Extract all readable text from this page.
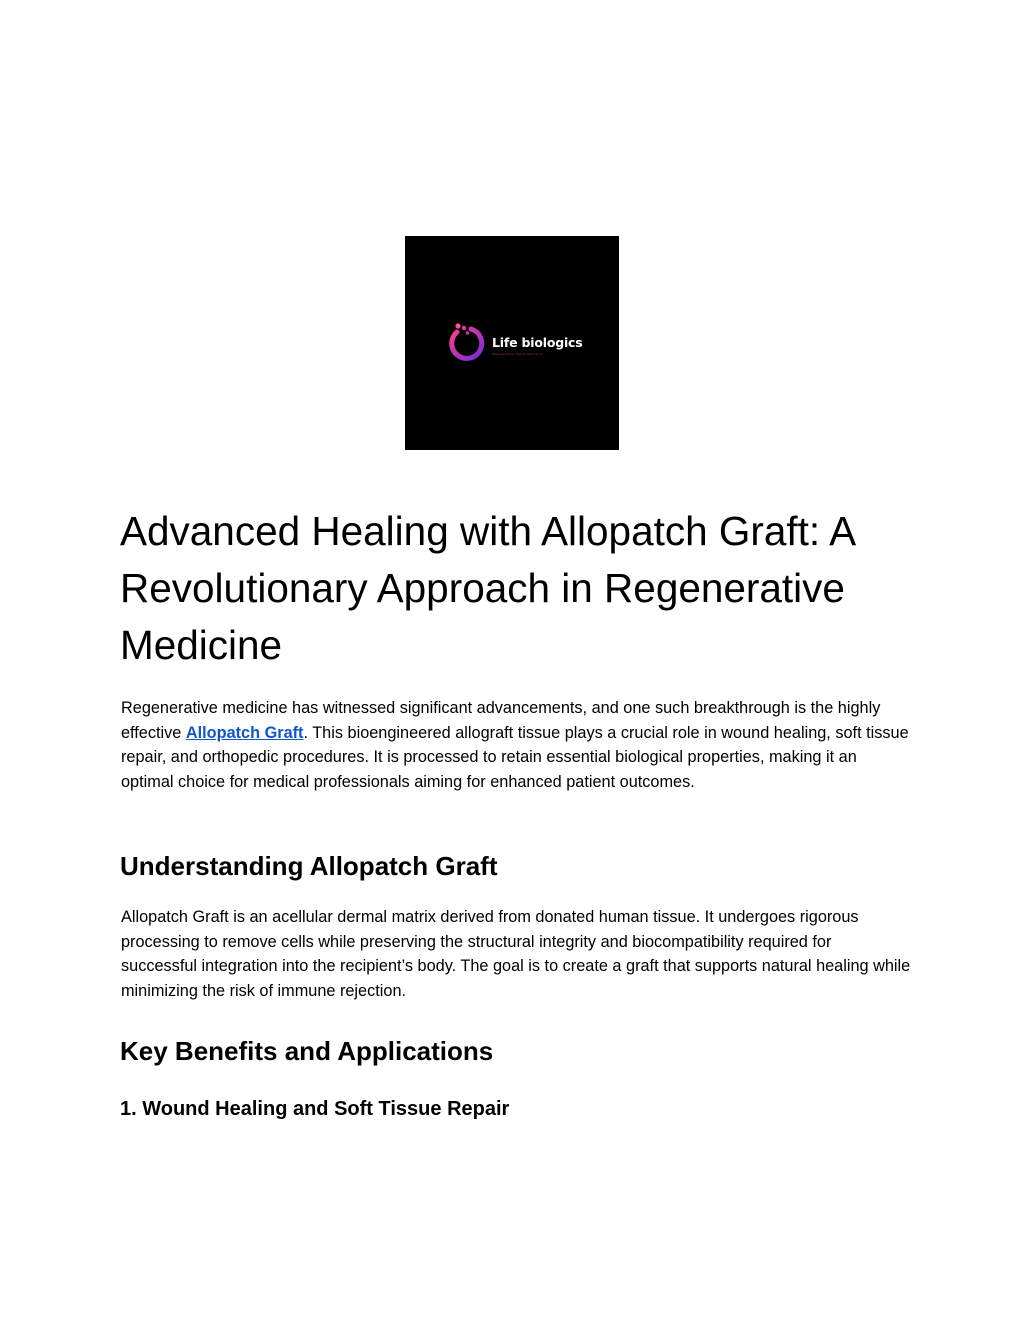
Life biologics
Regenerative Tissue Solutions
Advanced Healing with Allopatch Graft: A Revolutionary Approach in Regenerative Medicine

Regenerative medicine has witnessed significant advancements, and one such breakthrough is the highly effective Allopatch Graft. This bioengineered allograft tissue plays a crucial role in wound healing, soft tissue repair, and orthopedic procedures. It is processed to retain essential biological properties, making it an optimal choice for medical professionals aiming for enhanced patient outcomes.

Understanding Allopatch Graft

Allopatch Graft is an acellular dermal matrix derived from donated human tissue. It undergoes rigorous processing to remove cells while preserving the structural integrity and biocompatibility required for successful integration into the recipient’s body. The goal is to create a graft that supports natural healing while minimizing the risk of immune rejection.

Key Benefits and Applications
1. Wound Healing and Soft Tissue Repair
